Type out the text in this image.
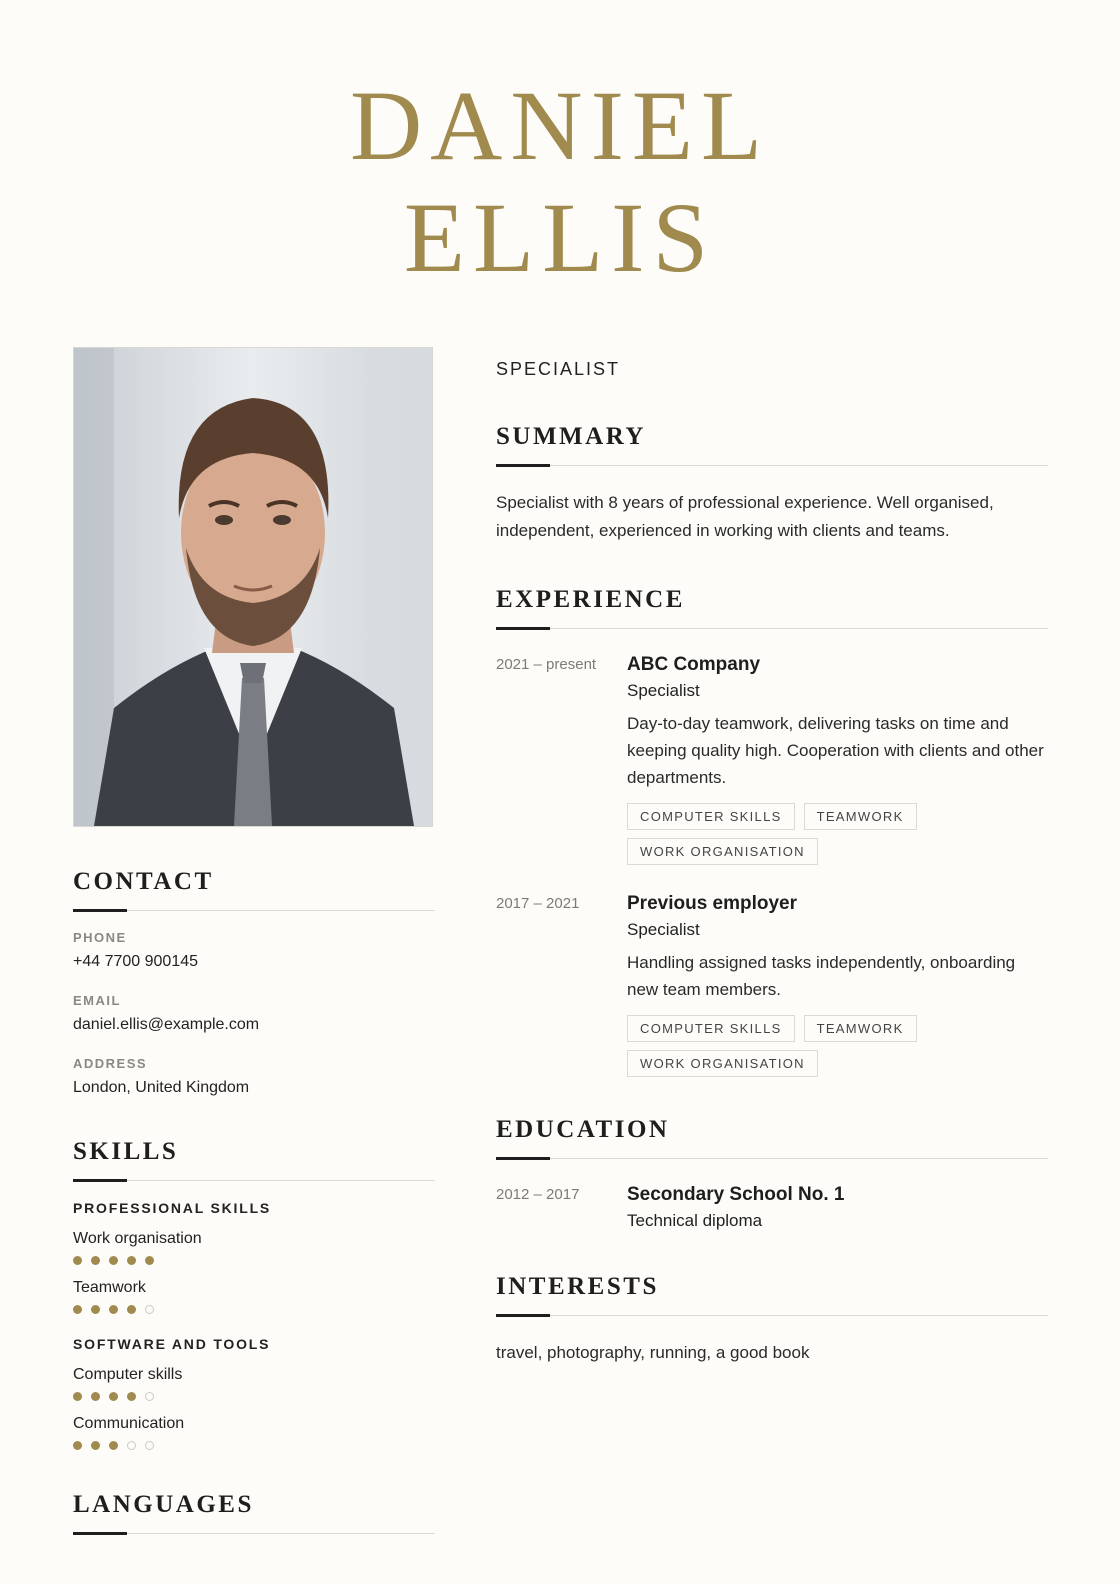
DANIEL
ELLIS
CONTACT
PHONE
+44 7700 900145
EMAIL
daniel.ellis@example.com
ADDRESS
London, United Kingdom
SKILLS
PROFESSIONAL SKILLS
Work organisation
Teamwork
SOFTWARE AND TOOLS
Computer skills
Communication
LANGUAGES
SPECIALIST
SUMMARY
Specialist with 8 years of professional experience. Well organised, independent, experienced in working with clients and teams.
EXPERIENCE
2021 – present	ABC Company
Specialist
Day-to-day teamwork, delivering tasks on time and keeping quality high. Cooperation with clients and other departments.
COMPUTER SKILLS	TEAMWORK
WORK ORGANISATION
2017 – 2021	Previous employer
Specialist
Handling assigned tasks independently, onboarding new team members.
COMPUTER SKILLS	TEAMWORK
WORK ORGANISATION
EDUCATION
2012 – 2017	Secondary School No. 1
Technical diploma
INTERESTS
travel, photography, running, a good book
